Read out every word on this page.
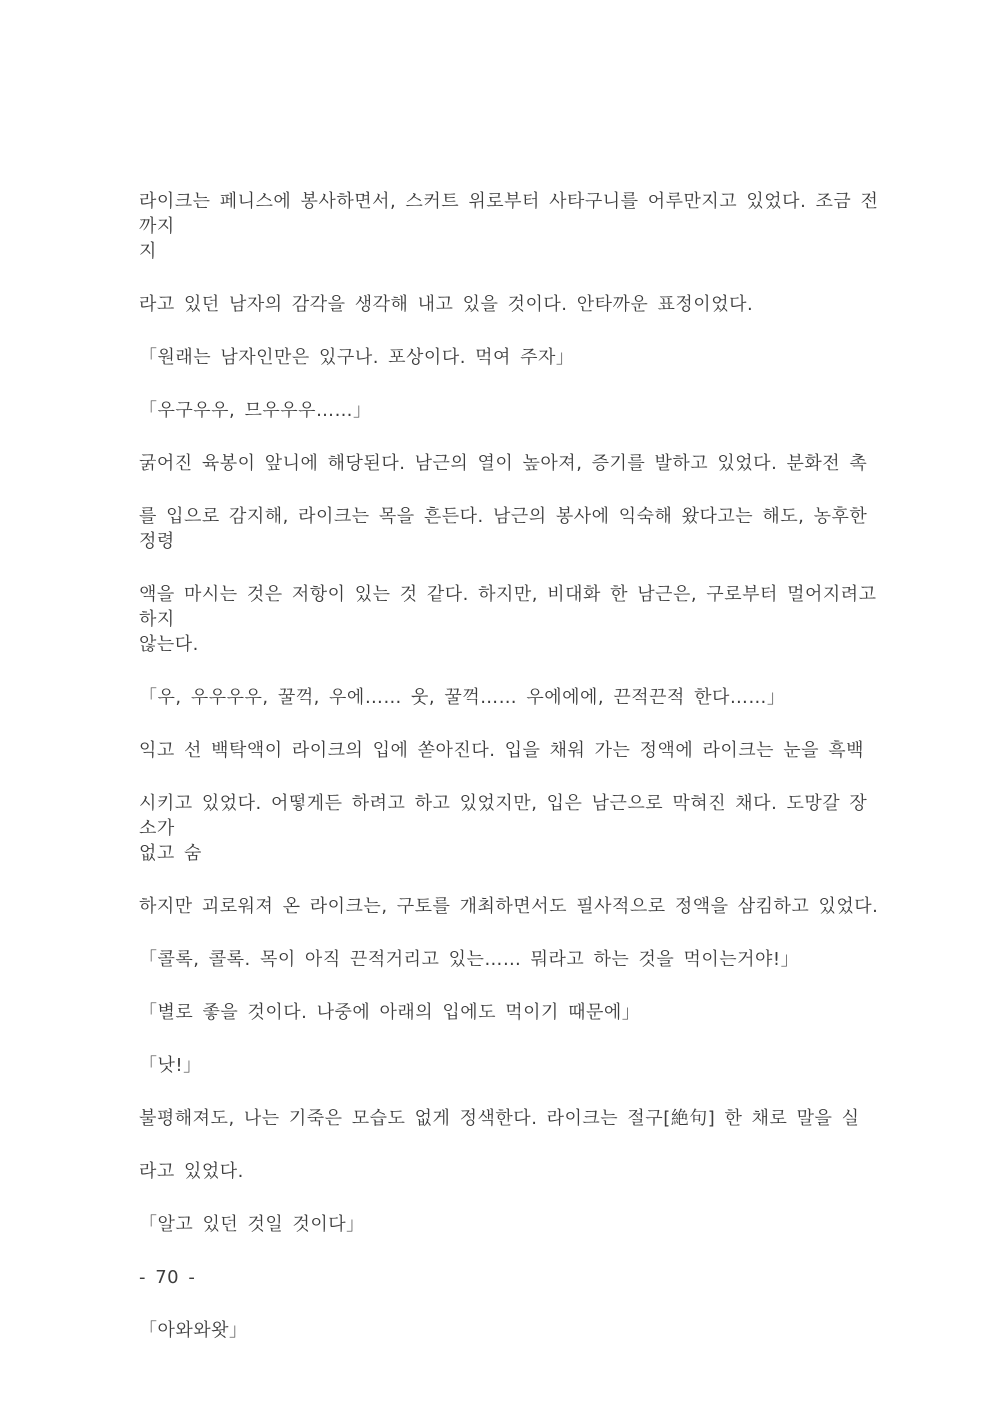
라이크는 페니스에 봉사하면서, 스커트 위로부터 사타구니를 어루만지고 있었다. 조금 전까지
지
라고 있던 남자의 감각을 생각해 내고 있을 것이다. 안타까운 표정이었다.
「원래는 남자인만은 있구나. 포상이다. 먹여 주자」
「우구우우, 므우우우……」
굵어진 육봉이 앞니에 해당된다. 남근의 열이 높아져, 증기를 발하고 있었다. 분화전 촉
를 입으로 감지해, 라이크는 목을 흔든다. 남근의 봉사에 익숙해 왔다고는 해도, 농후한 정령
액을 마시는 것은 저항이 있는 것 같다. 하지만, 비대화 한 남근은, 구로부터 멀어지려고 하지
않는다.
「우, 우우우우, 꿀꺽, 우에…… 웃, 꿀꺽…… 우에에에, 끈적끈적 한다……」
익고 선 백탁액이 라이크의 입에 쏟아진다. 입을 채워 가는 정액에 라이크는 눈을 흑백
시키고 있었다. 어떻게든 하려고 하고 있었지만, 입은 남근으로 막혀진 채다. 도망갈 장소가
없고 숨
하지만 괴로워져 온 라이크는, 구토를 개최하면서도 필사적으로 정액을 삼킴하고 있었다.
「콜록, 콜록. 목이 아직 끈적거리고 있는…… 뭐라고 하는 것을 먹이는거야!」
「별로 좋을 것이다. 나중에 아래의 입에도 먹이기 때문에」
「낫!」
불평해져도, 나는 기죽은 모습도 없게 정색한다. 라이크는 절구[絶句] 한 채로 말을 실
라고 있었다.
「알고 있던 것일 것이다」
- 70 -
「아와와왓」
